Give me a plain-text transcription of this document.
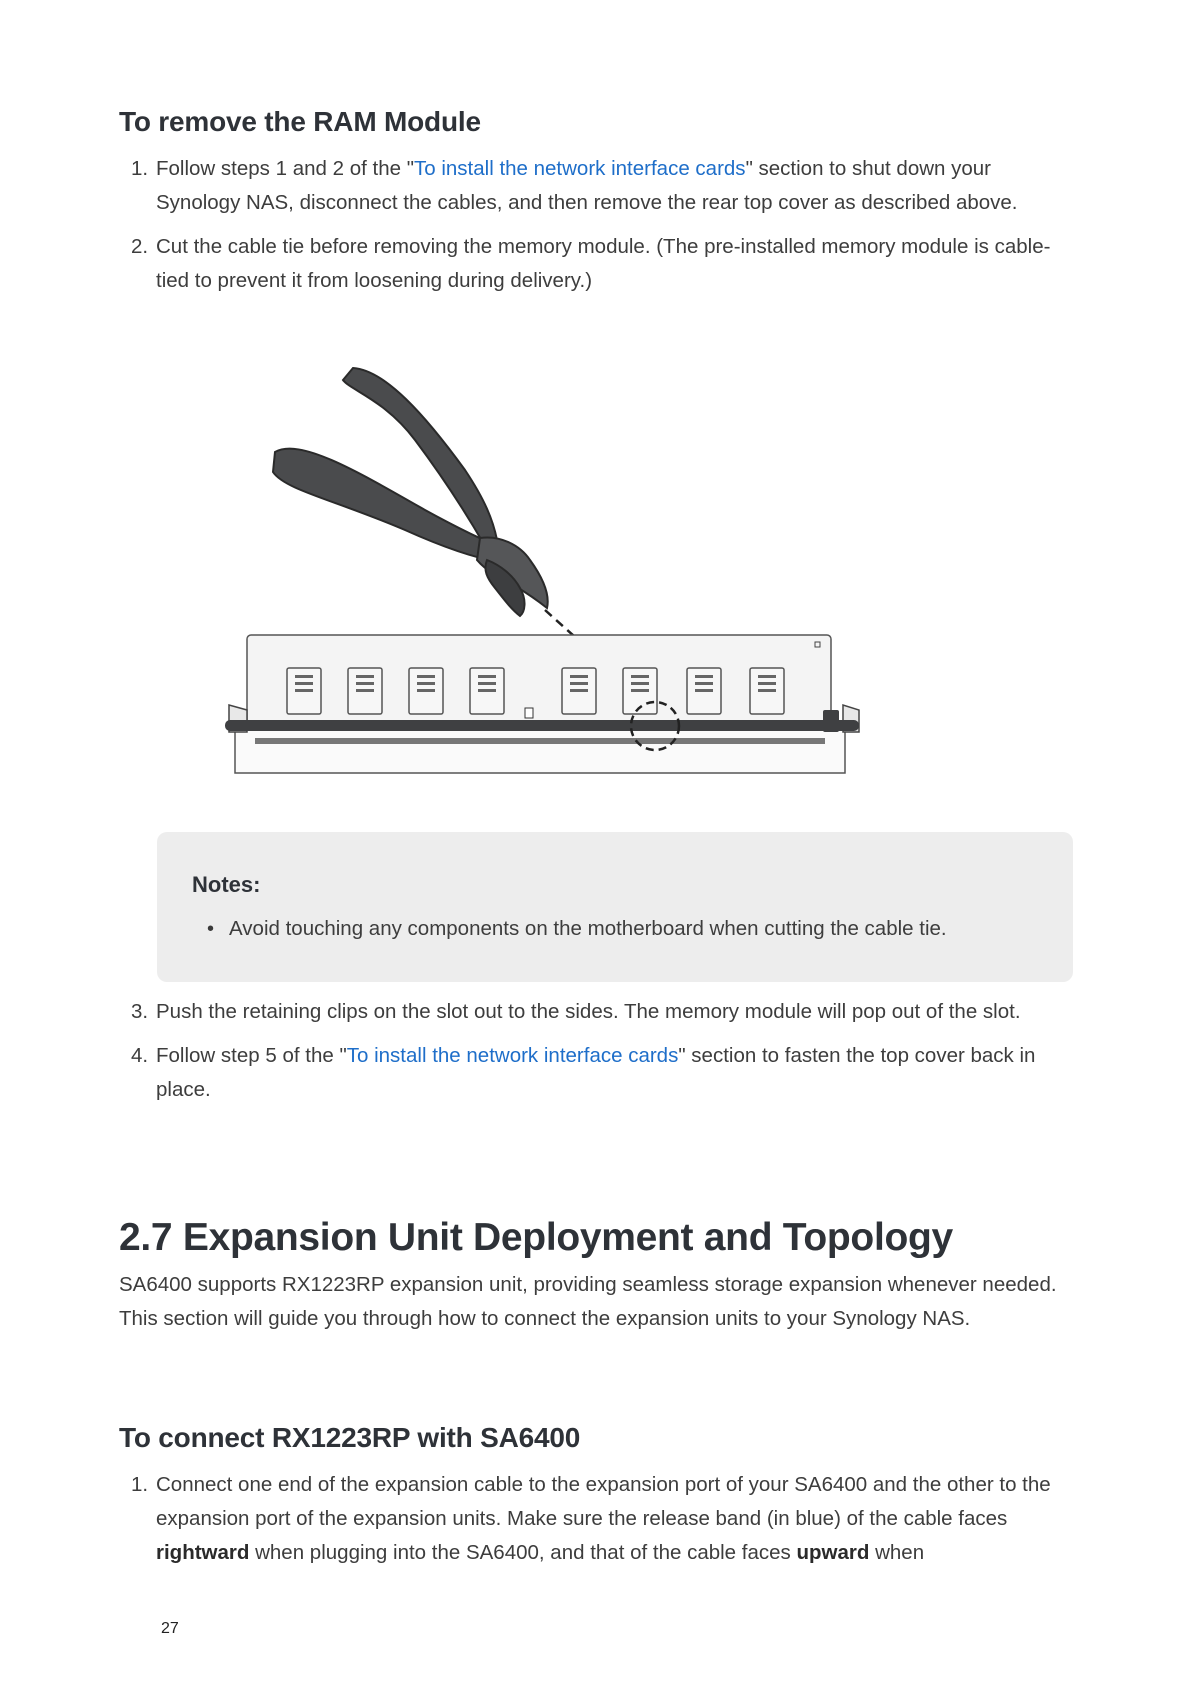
To remove the RAM Module
1. Follow steps 1 and 2 of the "To install the network interface cards" section to shut down your Synology NAS, disconnect the cables, and then remove the rear top cover as described above.
2. Cut the cable tie before removing the memory module. (The pre-installed memory module is cable-tied to prevent it from loosening during delivery.)
Notes:
• Avoid touching any components on the motherboard when cutting the cable tie.
3. Push the retaining clips on the slot out to the sides. The memory module will pop out of the slot.
4. Follow step 5 of the "To install the network interface cards" section to fasten the top cover back in place.
2.7 Expansion Unit Deployment and Topology

SA6400 supports RX1223RP expansion unit, providing seamless storage expansion whenever needed. This section will guide you through how to connect the expansion units to your Synology NAS.

To connect RX1223RP with SA6400
1. Connect one end of the expansion cable to the expansion port of your SA6400 and the other to the expansion port of the expansion units. Make sure the release band (in blue) of the cable faces rightward when plugging into the SA6400, and that of the cable faces upward when
27
